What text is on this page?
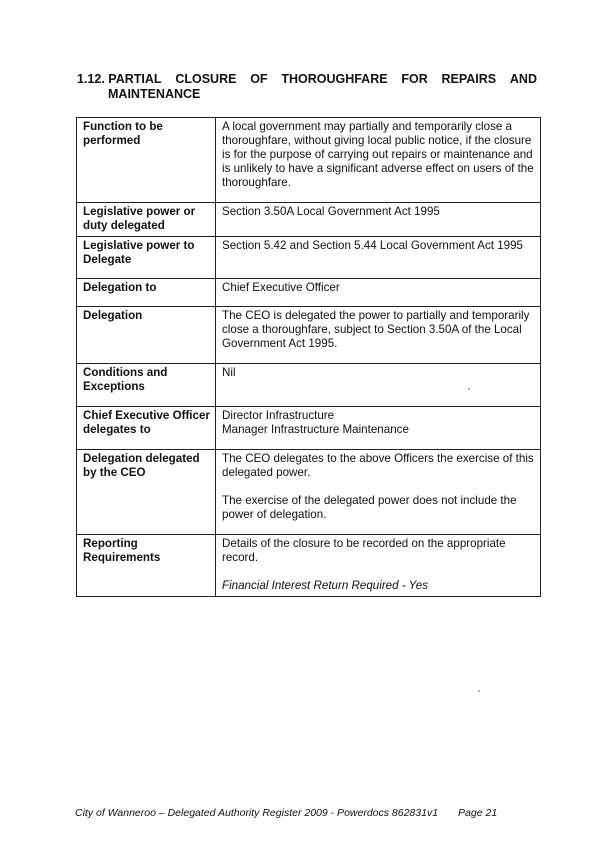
1.12. PARTIAL CLOSURE OF THOROUGHFARE FOR REPAIRS AND
MAINTENANCE
Function to be performed	A local government may partially and temporarily close a thoroughfare, without giving local public notice, if the closure is for the purpose of carrying out repairs or maintenance and is unlikely to have a significant adverse effect on users of the thoroughfare.

Legislative power or duty delegated	Section 3.50A Local Government Act 1995

Legislative power to Delegate	Section 5.42 and Section 5.44 Local Government Act 1995

Delegation to	Chief Executive Officer

Delegation	The CEO is delegated the power to partially and temporarily close a thoroughfare, subject to Section 3.50A of the Local Government Act 1995.

Conditions and Exceptions	Nil

Chief Executive Officer delegates to	Director Infrastructure

Manager Infrastructure Maintenance

Delegation delegated by the CEO	The CEO delegates to the above Officers the exercise of this delegated power.

The exercise of the delegated power does not include the power of delegation.

Reporting Requirements	Details of the closure to be recorded on the appropriate record.

Financial Interest Return Required - Yes

City of Wanneroo – Delegated Authority Register 2009 - Powerdocs 862831v1 Page 21
